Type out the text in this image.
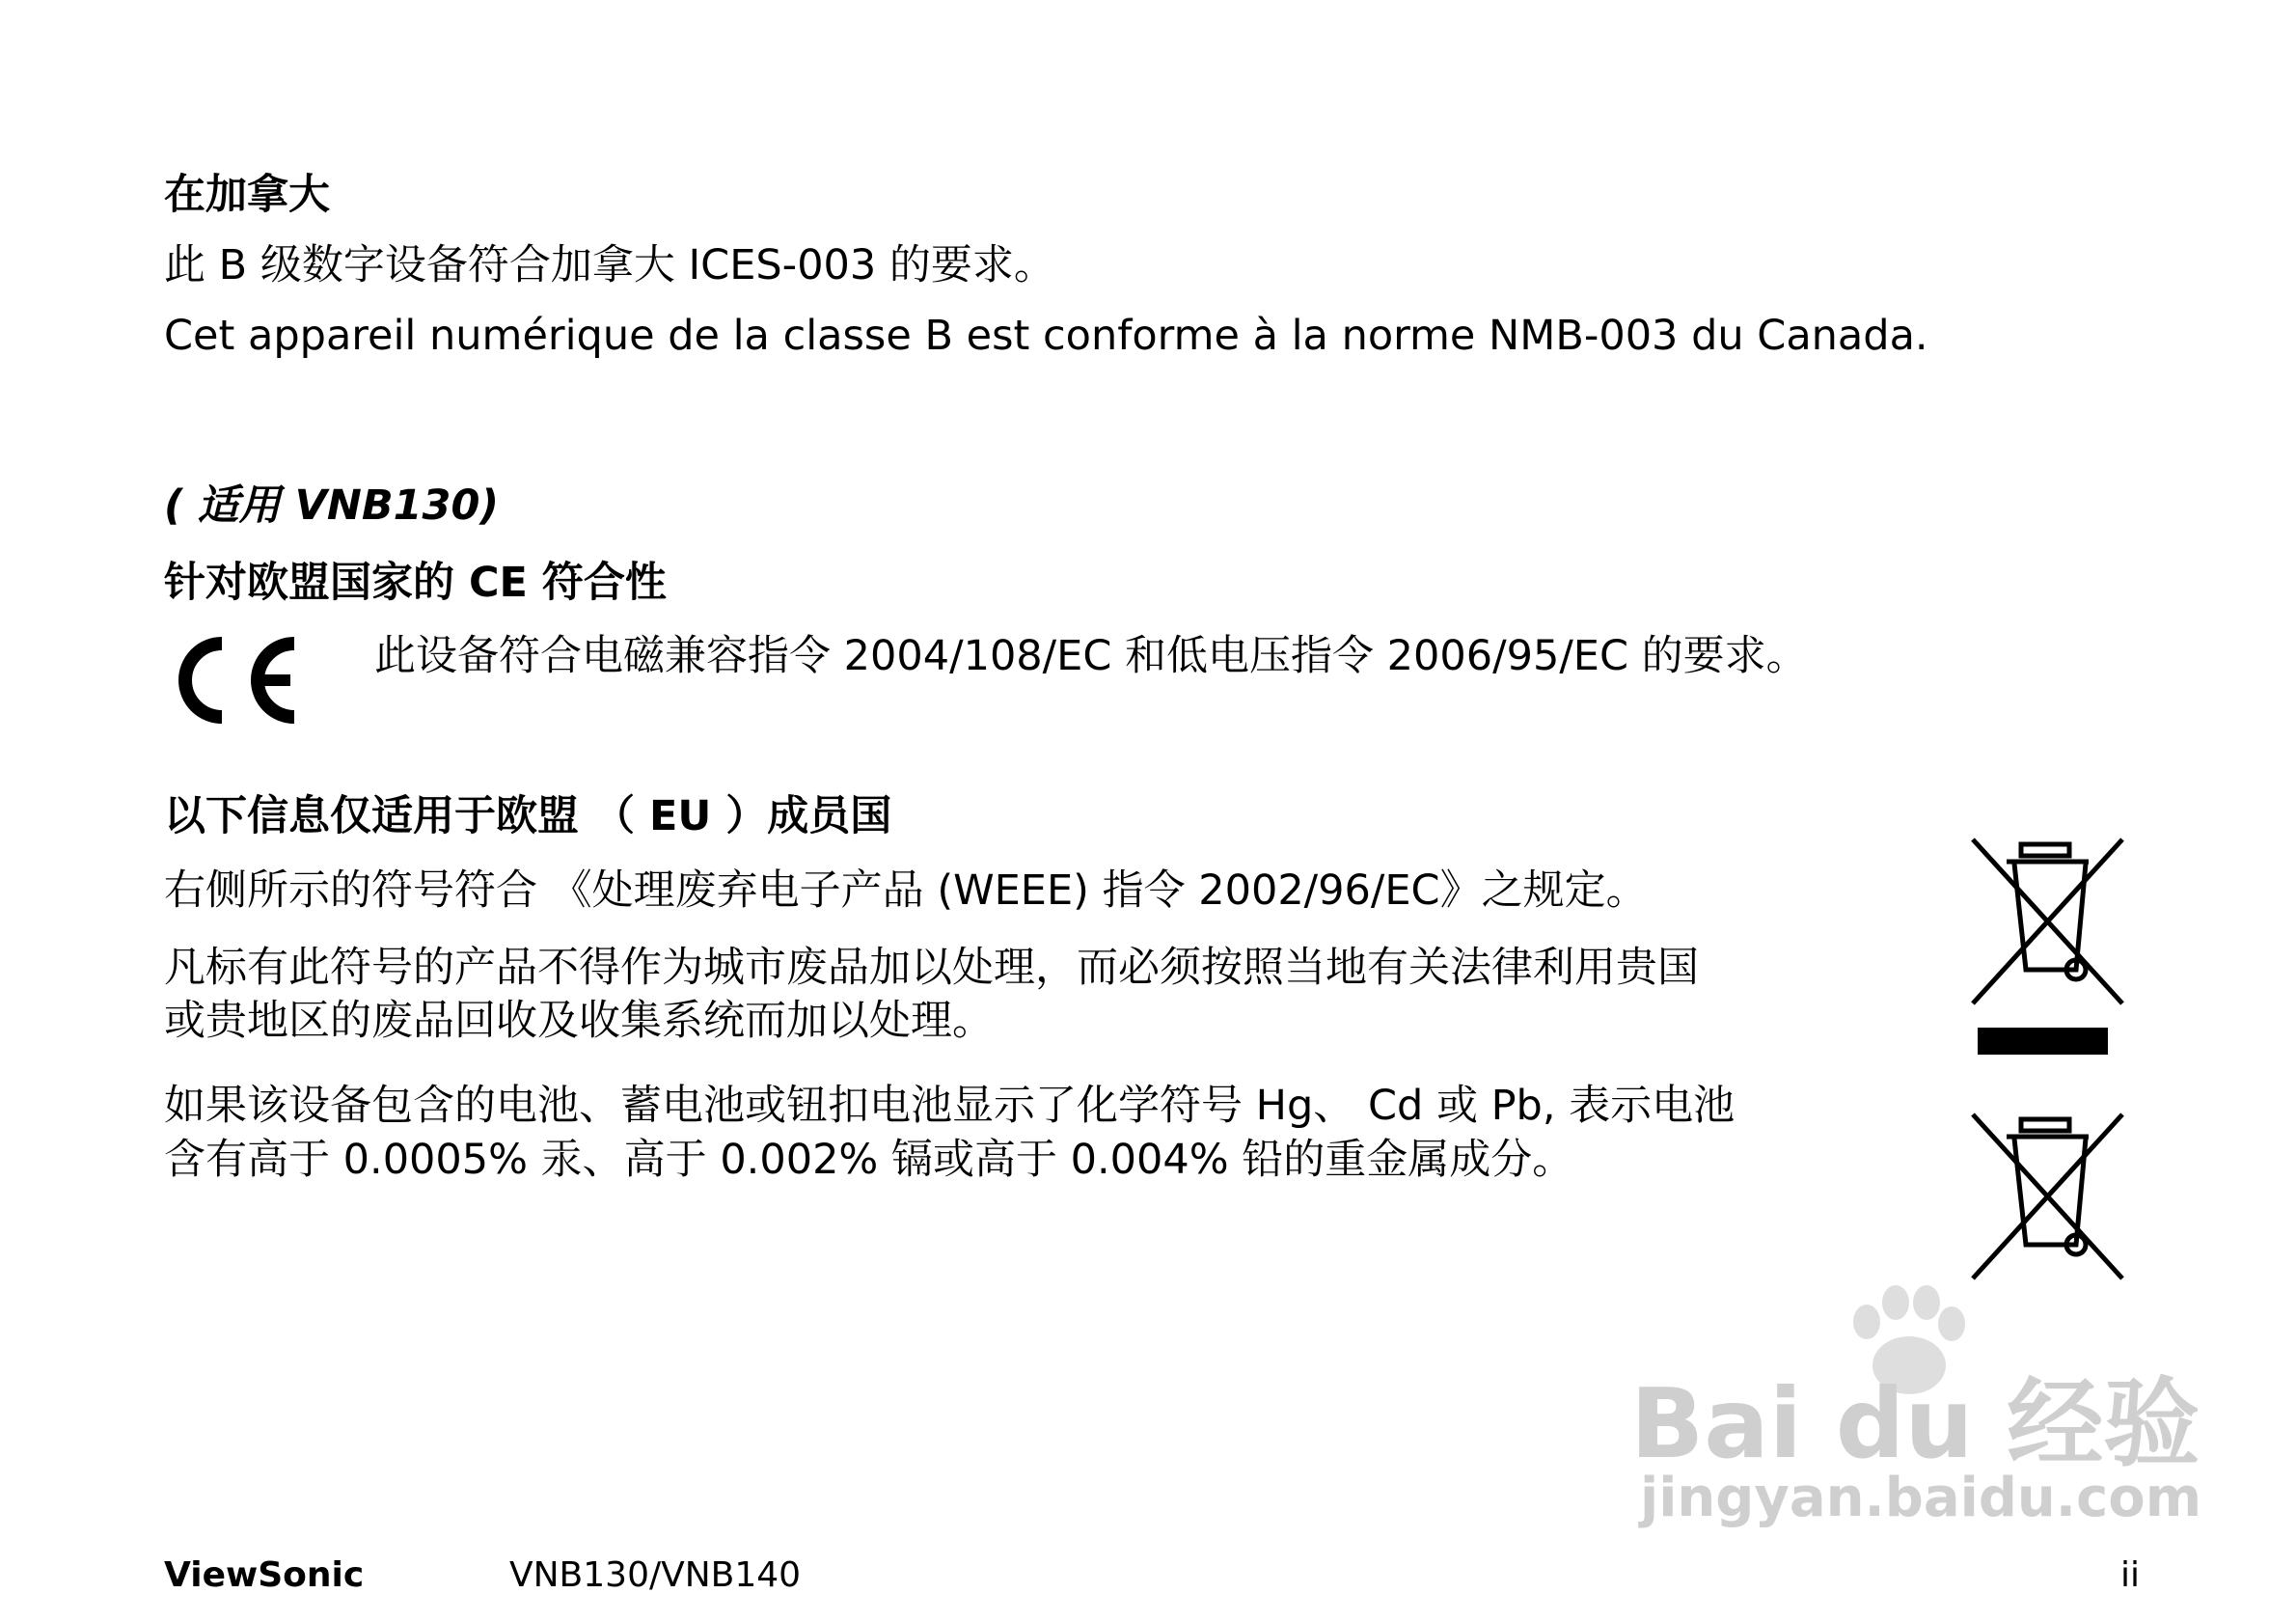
在加拿大
此 B 级数字设备符合加拿大 ICES-003 的要求。
Cet appareil numérique de la classe B est conforme à la norme NMB-003 du Canada.
( 适用 VNB130)
针对欧盟国家的 CE 符合性
此设备符合电磁兼容指令 2004/108/EC 和低电压指令 2006/95/EC 的要求。
以下信息仅适用于欧盟 （ EU ）成员国
右侧所示的符号符合 《处理废弃电子产品 (WEEE) 指令 2002/96/EC》之规定。
凡标有此符号的产品不得作为城市废品加以处理，而必须按照当地有关法律利用贵国
或贵地区的废品回收及收集系统而加以处理。
如果该设备包含的电池、蓄电池或钮扣电池显示了化学符号 Hg、 Cd 或 Pb, 表示电池
含有高于 0.0005% 汞、高于 0.002% 镉或高于 0.004% 铅的重金属成分。
Bai du 经验
jingyan.baidu.com
ViewSonic	VNB130/VNB140	ii
